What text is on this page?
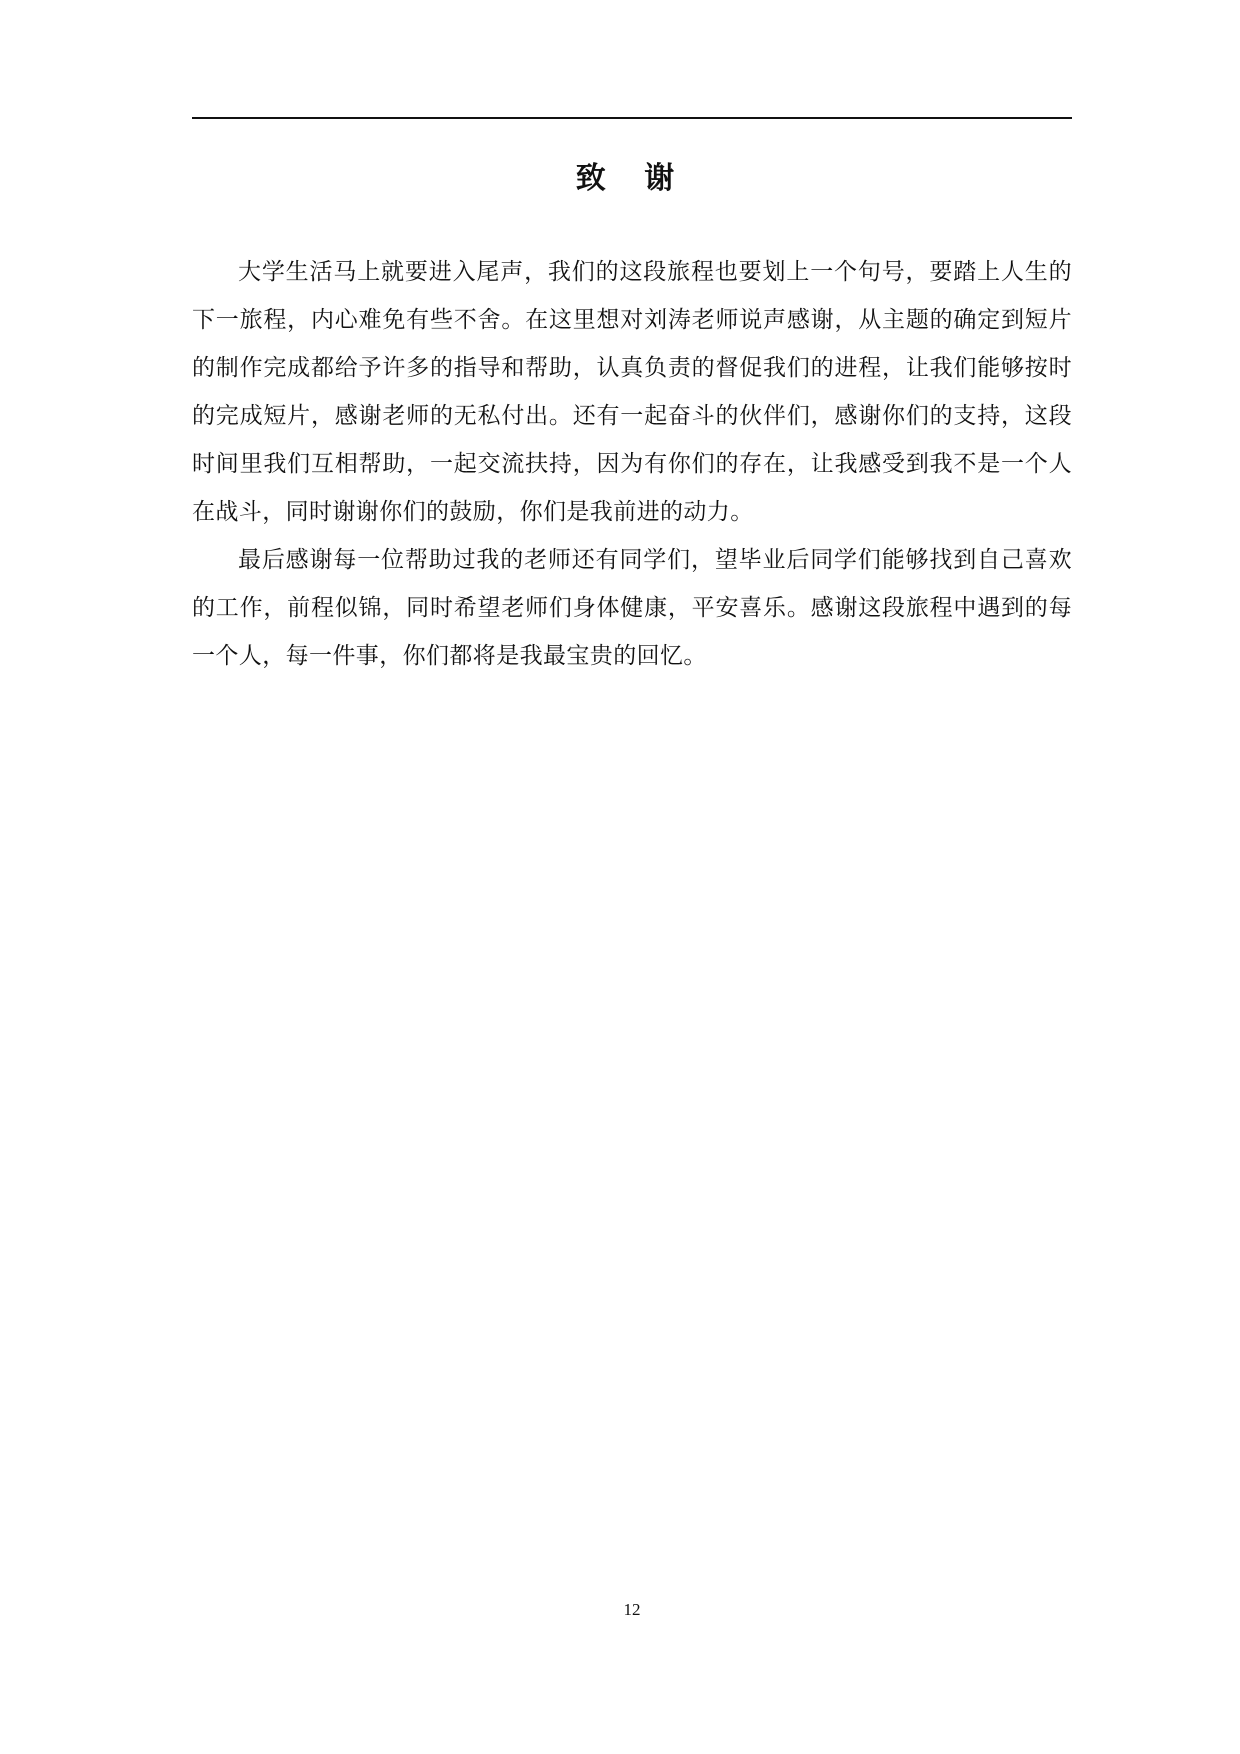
致 谢

大学生活马上就要进入尾声，我们的这段旅程也要划上一个句号，要踏上人生的下一旅程，内心难免有些不舍。在这里想对刘涛老师说声感谢，从主题的确定到短片的制作完成都给予许多的指导和帮助，认真负责的督促我们的进程，让我们能够按时的完成短片，感谢老师的无私付出。还有一起奋斗的伙伴们，感谢你们的支持，这段时间里我们互相帮助，一起交流扶持，因为有你们的存在，让我感受到我不是一个人在战斗，同时谢谢你们的鼓励，你们是我前进的动力。

最后感谢每一位帮助过我的老师还有同学们，望毕业后同学们能够找到自己喜欢的工作，前程似锦，同时希望老师们身体健康，平安喜乐。感谢这段旅程中遇到的每一个人，每一件事，你们都将是我最宝贵的回忆。

12
